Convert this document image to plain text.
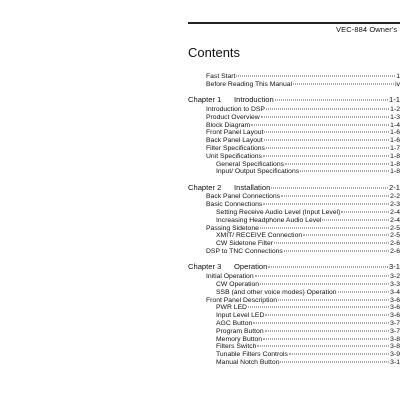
VEC-884 Owner's
Contents
Fast Start	1
Before Reading This Manual	iv
Chapter 1	Introduction	1-1
Introduction to DSP	1-2
Product Overview	1-3
Block Diagram	1-4
Front Panel Layout	1-6
Back Panel Layout	1-6
Filter Specifications	1-7
Unit Specifications	1-8
General Specifications	1-8
Input/ Output Specifications	1-8
Chapter 2	Installation	2-1
Back Panel Connections	2-2
Basic Connections	2-3
Setting Receive Audio Level (Input Level)	2-4
Increasing Headphone Audio Level	2-4
Passing Sidetone	2-5
XMIT/ RECEIVE Connection	2-5
CW Sidetone Filter	2-6
DSP to TNC Connections	2-6
Chapter 3	Operation	3-1
Initial Operation	3-2
CW Operation	3-3
SSB (and other voice modes) Operation	3-4
Front Panel Description	3-6
PWR LED	3-6
Input Level LED	3-6
AGC Button	3-7
Program Button	3-7
Memory Button	3-8
Filters Switch	3-8
Tunable Filters Controls	3-9
Manual Notch Button	3-1
